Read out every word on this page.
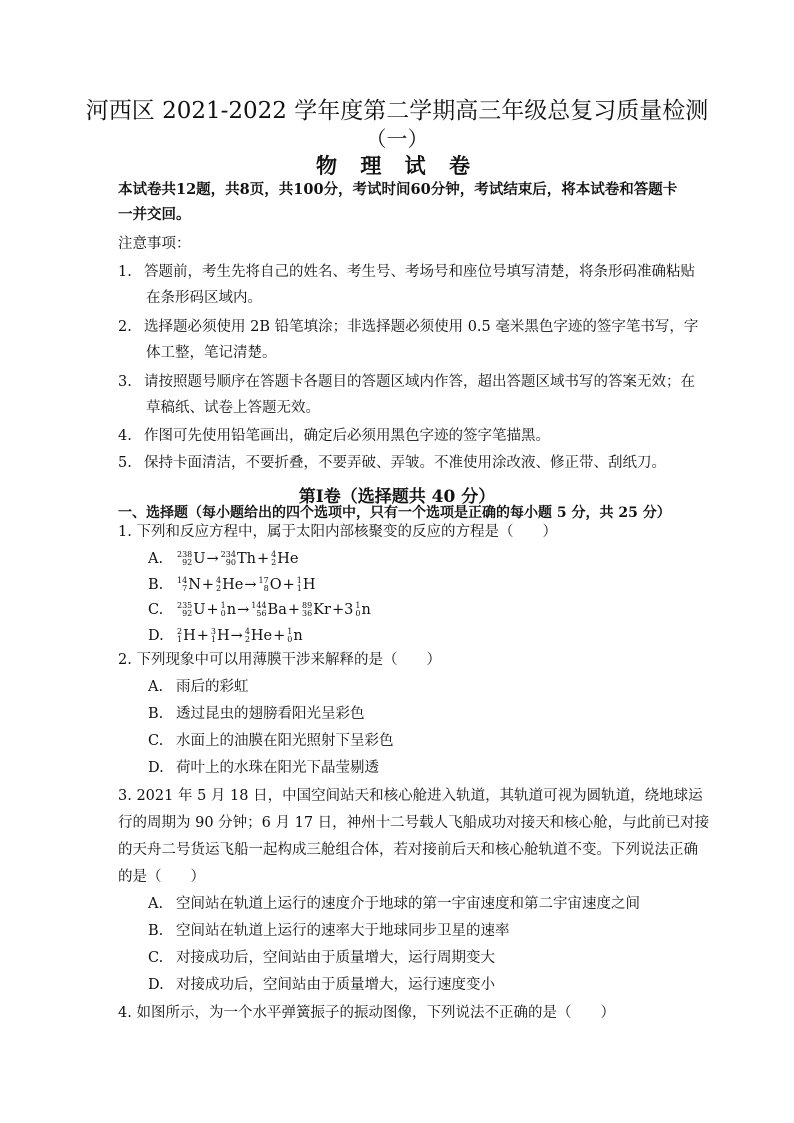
河西区 2021-2022 学年度第二学期高三年级总复习质量检测
（一）
物 理 试 卷
本试卷共12题，共8页，共100分，考试时间60分钟，考试结束后，将本试卷和答题卡
一并交回。
注意事项：
1. 答题前，考生先将自己的姓名、考生号、考场号和座位号填写清楚，将条形码准确粘贴
在条形码区域内。
2. 选择题必须使用 2B 铅笔填涂；非选择题必须使用 0.5 毫米黑色字迹的签字笔书写，字
体工整，笔记清楚。
3. 请按照题号顺序在答题卡各题目的答题区域内作答，超出答题区域书写的答案无效；在
草稿纸、试卷上答题无效。
4. 作图可先使用铅笔画出，确定后必须用黑色字迹的签字笔描黑。
5. 保持卡面清洁，不要折叠，不要弄破、弄皱。不准使用涂改液、修正带、刮纸刀。
第Ⅰ卷（选择题共 40 分）
一、选择题（每小题给出的四个选项中，只有一个选项是正确的每小题 5 分，共 25 分）
1. 下列和反应方程中，属于太阳内部核聚变的反应的方程是（　　）
A. 238
92 U→ 234
90 Th+ 4
2 He
B. 14
7 N+ 4
2 He→ 17
8 O+ 1
1 H
C. 235
92 U+ 1
0 n→ 144
56 Ba+ 89
36 Kr+3 1
0 n
D. 2
1 H+ 3
1 H→ 4
2 He+ 1
0 n
2. 下列现象中可以用薄膜干涉来解释的是（　　）
A. 雨后的彩虹
B. 透过昆虫的翅膀看阳光呈彩色
C. 水面上的油膜在阳光照射下呈彩色
D. 荷叶上的水珠在阳光下晶莹剔透
3. 2021 年 5 月 18 日，中国空间站天和核心舱进入轨道，其轨道可视为圆轨道，绕地球运
行的周期为 90 分钟；6 月 17 日，神州十二号载人飞船成功对接天和核心舱，与此前已对接
的天舟二号货运飞船一起构成三舱组合体，若对接前后天和核心舱轨道不变。下列说法正确
的是（　　）
A. 空间站在轨道上运行的速度介于地球的第一宇宙速度和第二宇宙速度之间
B. 空间站在轨道上运行的速率大于地球同步卫星的速率
C. 对接成功后，空间站由于质量增大，运行周期变大
D. 对接成功后，空间站由于质量增大，运行速度变小
4. 如图所示，为一个水平弹簧振子的振动图像，下列说法不正确的是（　　）
